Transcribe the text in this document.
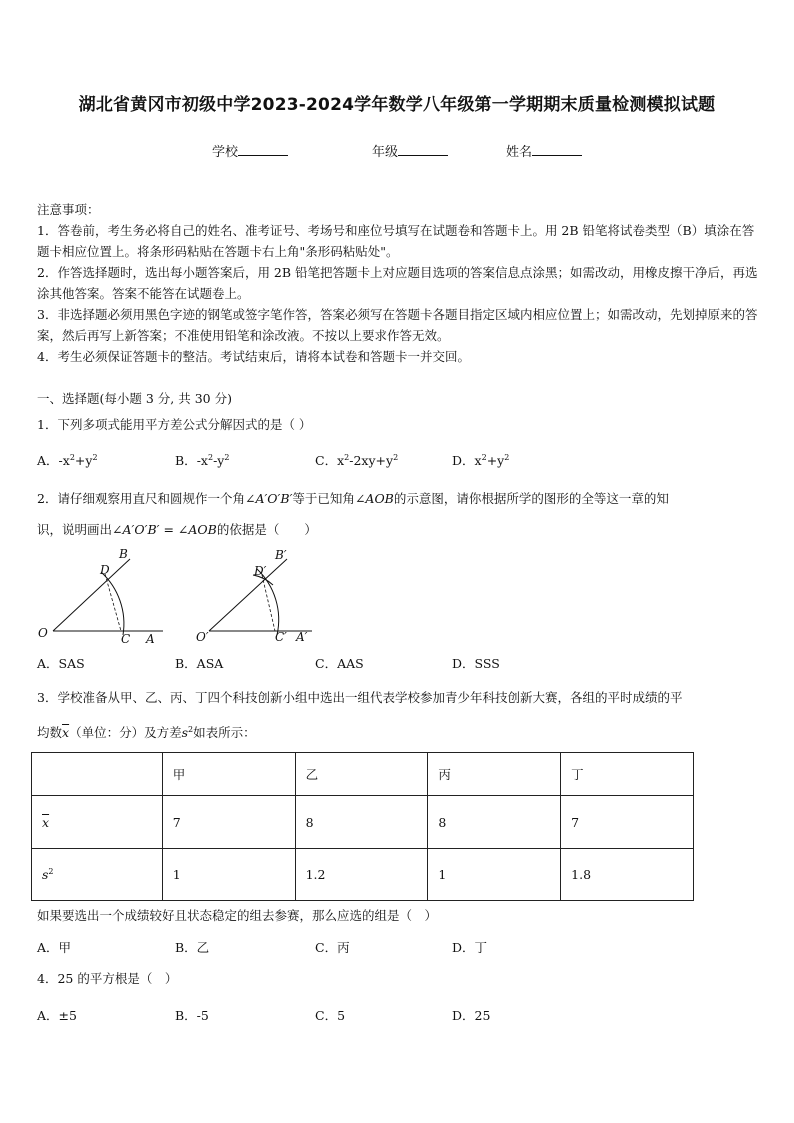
湖北省黄冈市初级中学2023-2024学年数学八年级第一学期期末质量检测模拟试题
学校	年级	姓名
注意事项：
1．答卷前，考生务必将自己的姓名、准考证号、考场号和座位号填写在试题卷和答题卡上。用 2B 铅笔将试卷类型（B）填涂在答题卡相应位置上。将条形码粘贴在答题卡右上角"条形码粘贴处"。
2．作答选择题时，选出每小题答案后，用 2B 铅笔把答题卡上对应题目选项的答案信息点涂黑；如需改动，用橡皮擦干净后，再选涂其他答案。答案不能答在试题卷上。
3．非选择题必须用黑色字迹的钢笔或签字笔作答，答案必须写在答题卡各题目指定区域内相应位置上；如需改动，先划掉原来的答案，然后再写上新答案；不准使用铅笔和涂改液。不按以上要求作答无效。
4．考生必须保证答题卡的整洁。考试结束后，请将本试卷和答题卡一并交回。
一、选择题(每小题 3 分, 共 30 分)
1．下列多项式能用平方差公式分解因式的是（ ）
A．$-x^2+y^2$	B．$-x^2-y^2$	C．$x^2-2xy+y^2$	D．$x^2+y^2$
2．请仔细观察用直尺和圆规作一个角∠A′O′B′等于已知角∠AOB的示意图，请你根据所学的图形的全等这一章的知
识，说明画出∠A′O′B′ = ∠AOB的依据是（　　）
O	C A
D
B
O′	C′ A′
D′
B′
A．SAS	B．ASA	C．AAS	D．SSS
3．学校准备从甲、乙、丙、丁四个科技创新小组中选出一组代表学校参加青少年科技创新大赛，各组的平时成绩的平
均数$\overline{x}$（单位：分）及方差$s^2$如表所示：
	甲	乙	丙	丁
$\overline{x}$	7	8	8	7
$s^2$	1	1.2	1	1.8
如果要选出一个成绩较好且状态稳定的组去参赛，那么应选的组是（　）
A．甲	B．乙	C．丙	D．丁
4．25 的平方根是（　）
A．±5	B．-5	C．5	D．25
